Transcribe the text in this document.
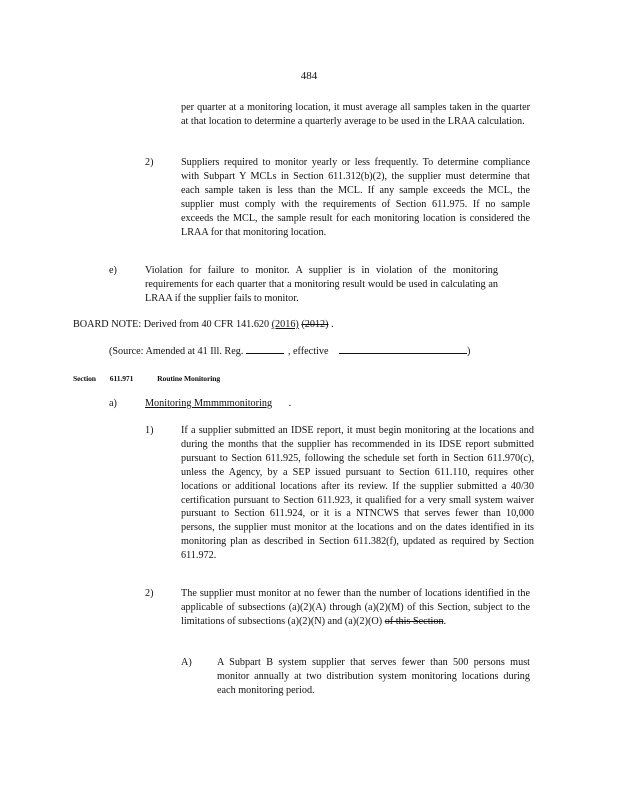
484
per quarter at a monitoring location, it must average all samples taken in the quarter at that location to determine a quarterly average to be used in the LRAA calculation.
2)	Suppliers required to monitor yearly or less frequently. To determine compliance with Subpart Y MCLs in Section 611.312(b)(2), the supplier must determine that each sample taken is less than the MCL. If any sample exceeds the MCL, the supplier must comply with the requirements of Section 611.975. If no sample exceeds the MCL, the sample result for each monitoring location is considered the LRAA for that monitoring location.
e)	Violation for failure to monitor. A supplier is in violation of the monitoring requirements for each quarter that a monitoring result would be used in calculating an LRAA if the supplier fails to monitor.
BOARD NOTE: Derived from 40 CFR 141.620 (2016) (2012) .
(Source: Amended at 41 Ill. Reg.	, effective	)
Section 611.971	Routine Monitoring
a)	Monitoring Mmmmmonitoring .
1)	If a supplier submitted an IDSE report, it must begin monitoring at the locations and during the months that the supplier has recommended in its IDSE report submitted pursuant to Section 611.925, following the schedule set forth in Section 611.970(c), unless the Agency, by a SEP issued pursuant to Section 611.110, requires other locations or additional locations after its review. If the supplier submitted a 40/30 certification pursuant to Section 611.923, it qualified for a very small system waiver pursuant to Section 611.924, or it is a NTNCWS that serves fewer than 10,000 persons, the supplier must monitor at the locations and on the dates identified in its monitoring plan as described in Section 611.382(f), updated as required by Section 611.972.
2)	The supplier must monitor at no fewer than the number of locations identified in the applicable of subsections (a)(2)(A) through (a)(2)(M) of this Section, subject to the limitations of subsections (a)(2)(N) and (a)(2)(O) of this Section.
A) A Subpart B system supplier that serves fewer than 500 persons must monitor annually at two distribution system monitoring locations during each monitoring period.
